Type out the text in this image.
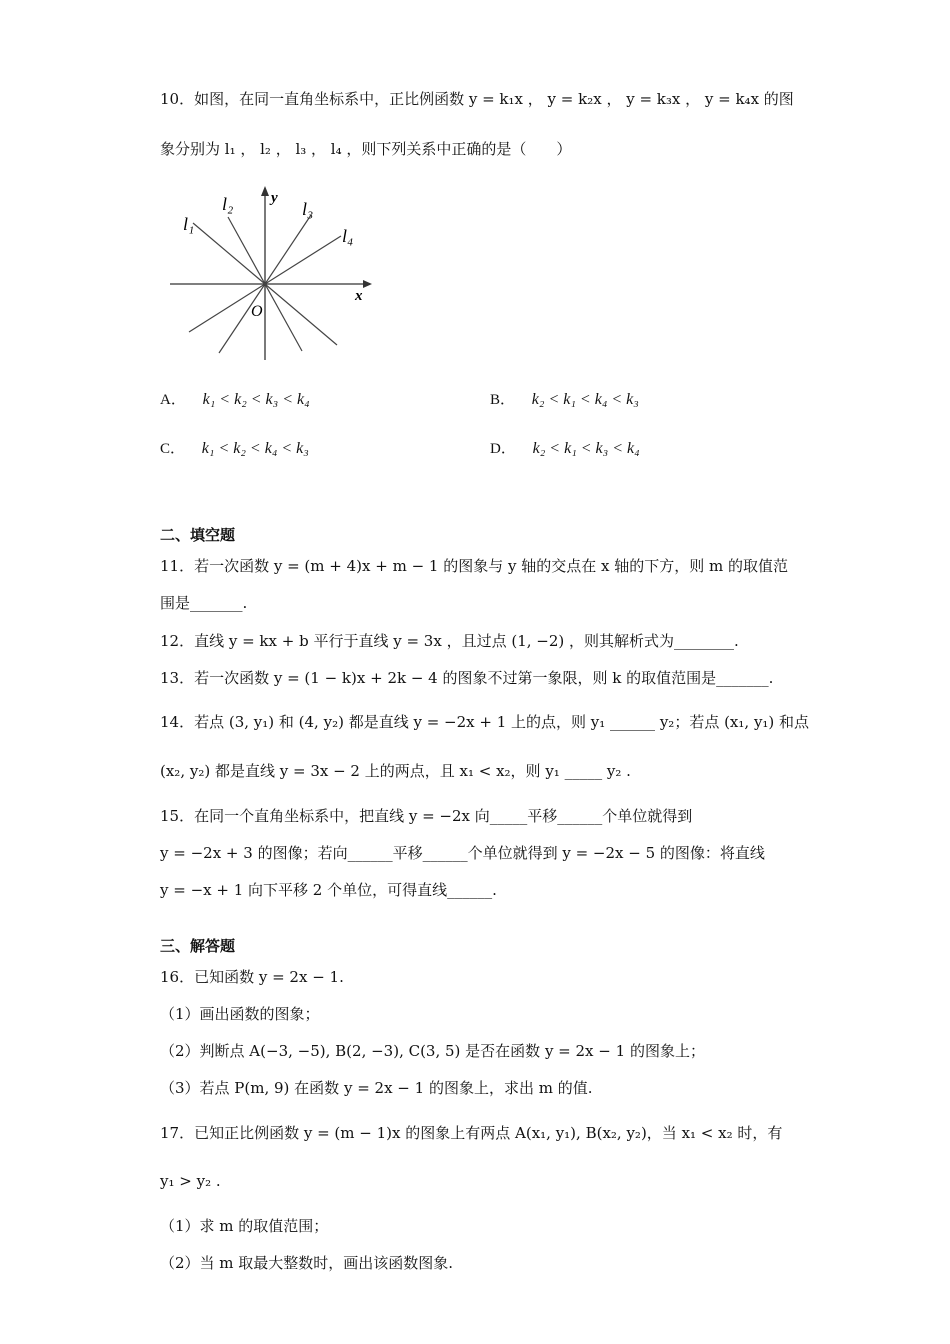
10．如图，在同一直角坐标系中，正比例函数 y = k₁x ， y = k₂x ， y = k₃x ， y = k₄x 的图
象分别为 l₁ ， l₂ ， l₃ ， l₄ ，则下列关系中正确的是（　　）
l₁
l₂	l₃
l₄
y
x
O
A． k₁ < k₂ < k₃ < k₄	B． k₂ < k₁ < k₄ < k₃
C． k₁ < k₂ < k₄ < k₃	D． k₂ < k₁ < k₃ < k₄
二、填空题
11．若一次函数 y = (m + 4)x + m − 1 的图象与 y 轴的交点在 x 轴的下方，则 m 的取值范
围是_______.
12．直线 y = kx + b 平行于直线 y = 3x ，且过点 (1, −2) ，则其解析式为________.
13．若一次函数 y = (1 − k)x + 2k − 4 的图象不过第一象限，则 k 的取值范围是_______.
14．若点 (3, y₁) 和 (4, y₂) 都是直线 y = −2x + 1 上的点，则 y₁ ______ y₂；若点 (x₁, y₁) 和点
(x₂, y₂) 都是直线 y = 3x − 2 上的两点，且 x₁ < x₂，则 y₁ _____ y₂ .
15．在同一个直角坐标系中，把直线 y = −2x 向_____平移______个单位就得到
y = −2x + 3 的图像；若向______平移______个单位就得到 y = −2x − 5 的图像：将直线
y = −x + 1 向下平移 2 个单位，可得直线______.
三、解答题
16．已知函数 y = 2x − 1.
（1）画出函数的图象；
（2）判断点 A(−3, −5), B(2, −3), C(3, 5) 是否在函数 y = 2x − 1 的图象上；
（3）若点 P(m, 9) 在函数 y = 2x − 1 的图象上，求出 m 的值.
17．已知正比例函数 y = (m − 1)x 的图象上有两点 A(x₁, y₁), B(x₂, y₂)，当 x₁ < x₂ 时，有
y₁ > y₂ .
（1）求 m 的取值范围；
（2）当 m 取最大整数时，画出该函数图象.
